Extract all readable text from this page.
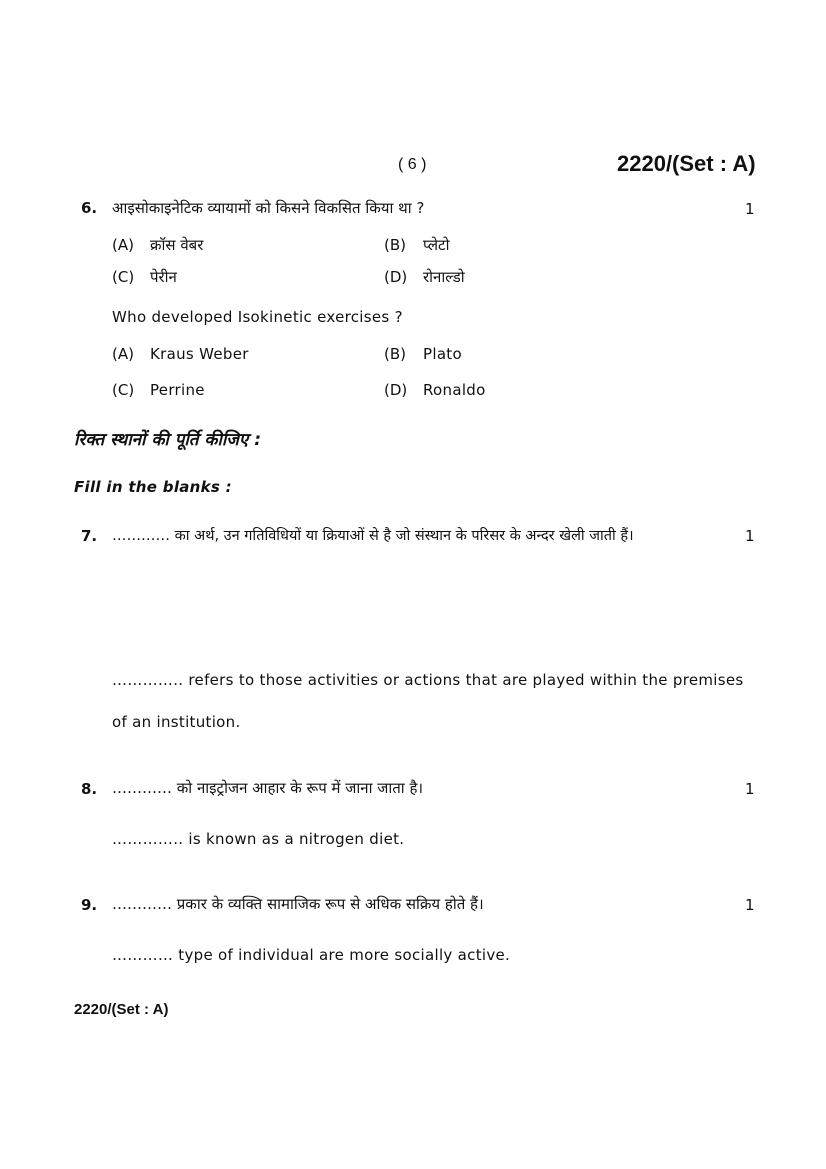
( 6 )	2220/(Set : A)
6. आइसोकाइनेटिक व्यायामों को किसने विकसित किया था ?	1
(A) क्रॉस वेबर	(B) प्लेटो
(C) पेरीन	(D) रोनाल्डो
Who developed Isokinetic exercises ?
(A) Kraus Weber	(B) Plato
(C) Perrine	(D) Ronaldo
रिक्त स्थानों की पूर्ति कीजिए :
Fill in the blanks :
7. ………… का अर्थ, उन गतिविधियों या क्रियाओं से है जो संस्थान के परिसर के अन्दर खेली जाती हैं।	1
………….. refers to those activities or actions that are played within the premises
of an institution.
8. ………… को नाइट्रोजन आहार के रूप में जाना जाता है।	1
………….. is known as a nitrogen diet.
9. ………… प्रकार के व्यक्ति सामाजिक रूप से अधिक सक्रिय होते हैं।	1
………… type of individual are more socially active.
2220/(Set : A)
